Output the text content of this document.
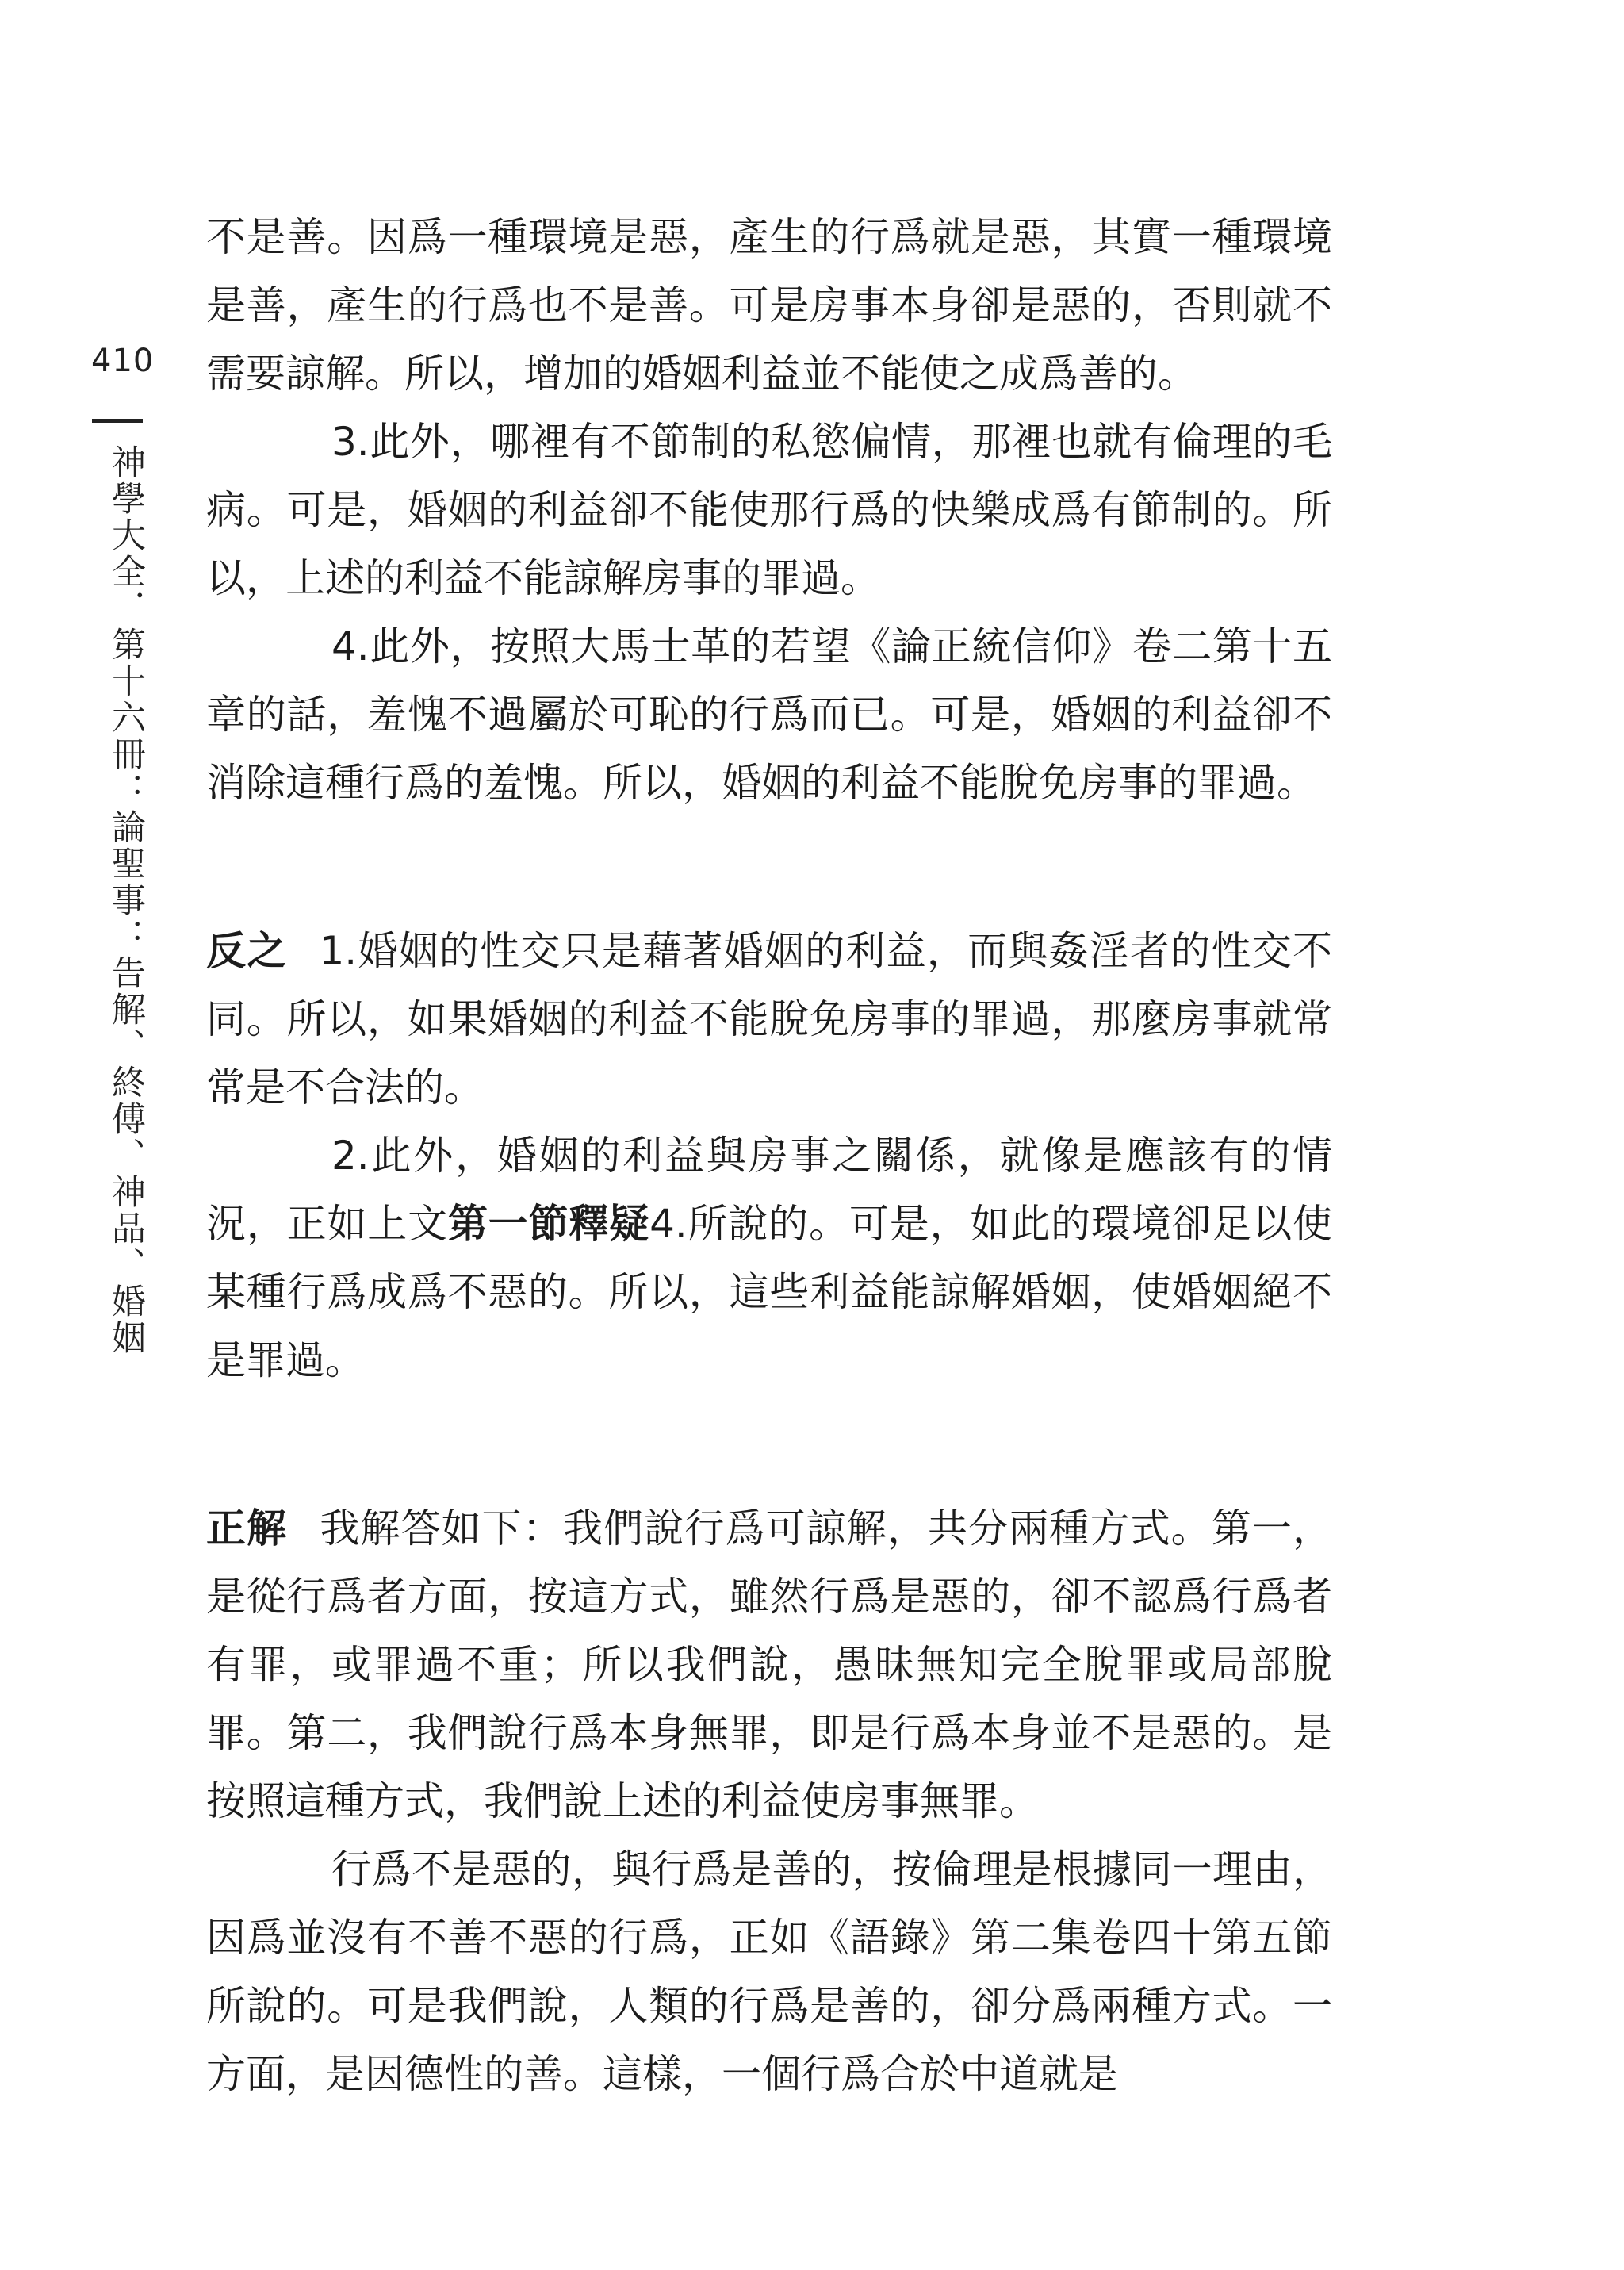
410
神學大全．第十六冊：論聖事：告解、終傅、神品、婚姻

不是善。因爲一種環境是惡，產生的行爲就是惡，其實一種環境是善，產生的行爲也不是善。可是房事本身卻是惡的，否則就不需要諒解。所以，增加的婚姻利益並不能使之成爲善的。

3.此外，哪裡有不節制的私慾偏情，那裡也就有倫理的毛病。可是，婚姻的利益卻不能使那行爲的快樂成爲有節制的。所以，上述的利益不能諒解房事的罪過。

4.此外，按照大馬士革的若望《論正統信仰》卷二第十五章的話，羞愧不過屬於可恥的行爲而已。可是，婚姻的利益卻不消除這種行爲的羞愧。所以，婚姻的利益不能脫免房事的罪過。

反之 1.婚姻的性交只是藉著婚姻的利益，而與姦淫者的性交不同。所以，如果婚姻的利益不能脫免房事的罪過，那麼房事就常常是不合法的。

2.此外，婚姻的利益與房事之關係，就像是應該有的情況，正如上文第一節釋疑4.所說的。可是，如此的環境卻足以使某種行爲成爲不惡的。所以，這些利益能諒解婚姻，使婚姻絕不是罪過。

正解 我解答如下：我們說行爲可諒解，共分兩種方式。第一，是從行爲者方面，按這方式，雖然行爲是惡的，卻不認爲行爲者有罪，或罪過不重；所以我們說，愚昧無知完全脫罪或局部脫罪。第二，我們說行爲本身無罪，即是行爲本身並不是惡的。是按照這種方式，我們說上述的利益使房事無罪。

行爲不是惡的，與行爲是善的，按倫理是根據同一理由，因爲並沒有不善不惡的行爲，正如《語錄》第二集卷四十第五節所說的。可是我們說，人類的行爲是善的，卻分爲兩種方式。一方面，是因德性的善。這樣，一個行爲合於中道就是
